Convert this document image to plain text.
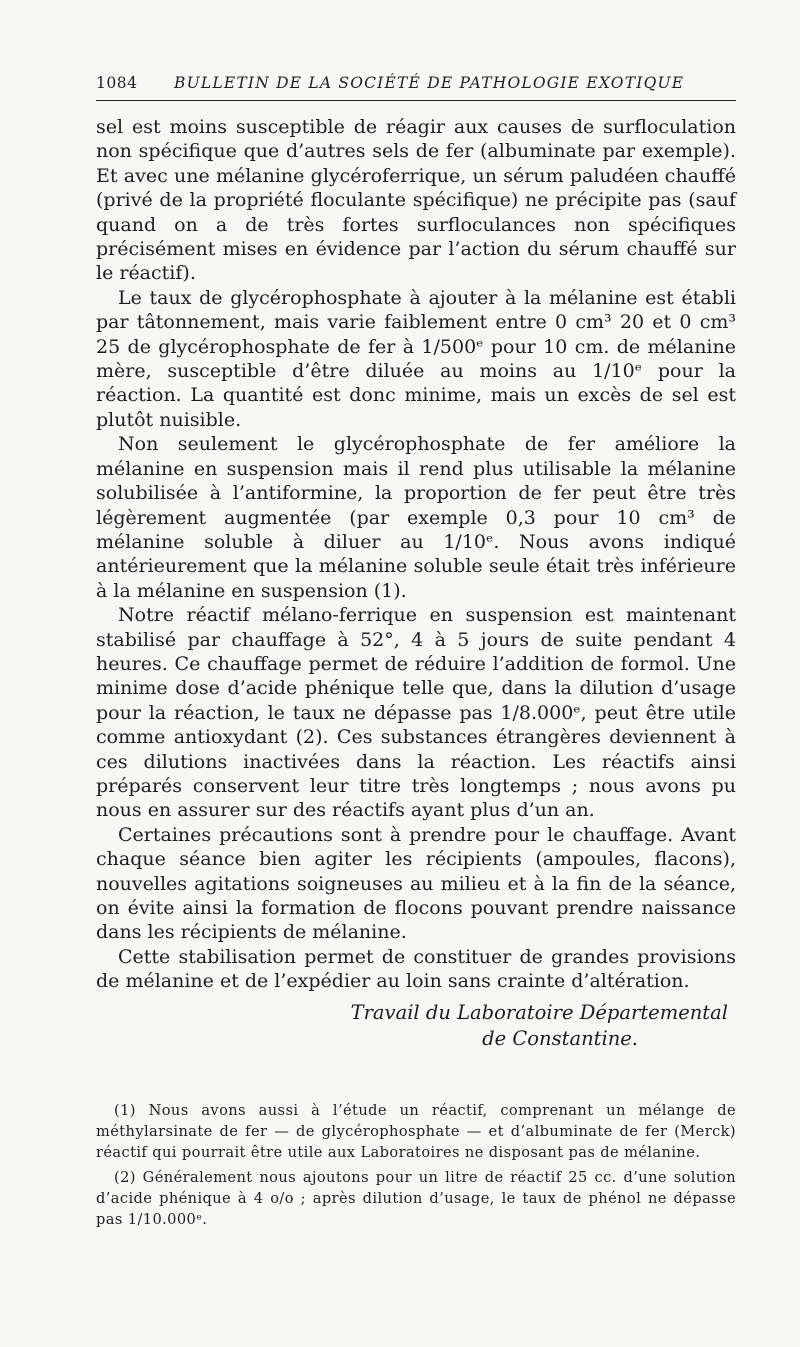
1084 BULLETIN DE LA SOCIÉTÉ DE PATHOLOGIE EXOTIQUE

sel est moins susceptible de réagir aux causes de surfloculation non spécifique que d’autres sels de fer (albuminate par exemple). Et avec une mélanine glycéroferrique, un sérum paludéen chauffé (privé de la propriété floculante spécifique) ne précipite pas (sauf quand on a de très fortes surfloculances non spécifiques précisément mises en évidence par l’action du sérum chauffé sur le réactif).

Le taux de glycérophosphate à ajouter à la mélanine est établi par tâtonnement, mais varie faiblement entre 0 cm³ 20 et 0 cm³ 25 de glycérophosphate de fer à 1/500ᵉ pour 10 cm. de mélanine mère, susceptible d’être diluée au moins au 1/10ᵉ pour la réaction. La quantité est donc minime, mais un excès de sel est plutôt nuisible.

Non seulement le glycérophosphate de fer améliore la mélanine en suspension mais il rend plus utilisable la mélanine solubilisée à l’antiformine, la proportion de fer peut être très légèrement augmentée (par exemple 0,3 pour 10 cm³ de mélanine soluble à diluer au 1/10ᵉ. Nous avons indiqué antérieurement que la mélanine soluble seule était très inférieure à la mélanine en suspension (1).

Notre réactif mélano-ferrique en suspension est maintenant stabilisé par chauffage à 52°, 4 à 5 jours de suite pendant 4 heures. Ce chauffage permet de réduire l’addition de formol. Une minime dose d’acide phénique telle que, dans la dilution d’usage pour la réaction, le taux ne dépasse pas 1/8.000ᵉ, peut être utile comme antioxydant (2). Ces substances étrangères deviennent à ces dilutions inactivées dans la réaction. Les réactifs ainsi préparés conservent leur titre très longtemps ; nous avons pu nous en assurer sur des réactifs ayant plus d’un an.

Certaines précautions sont à prendre pour le chauffage. Avant chaque séance bien agiter les récipients (ampoules, flacons), nouvelles agitations soigneuses au milieu et à la fin de la séance, on évite ainsi la formation de flocons pouvant prendre naissance dans les récipients de mélanine.

Cette stabilisation permet de constituer de grandes provisions de mélanine et de l’expédier au loin sans crainte d’altération.

Travail du Laboratoire Départemental
de Constantine.

(1) Nous avons aussi à l’étude un réactif, comprenant un mélange de méthylarsinate de fer — de glycérophosphate — et d’albuminate de fer (Merck) réactif qui pourrait être utile aux Laboratoires ne disposant pas de mélanine.

(2) Généralement nous ajoutons pour un litre de réactif 25 cc. d’une solution d’acide phénique à 4 o/o ; après dilution d’usage, le taux de phénol ne dépasse pas 1/10.000ᵉ.
